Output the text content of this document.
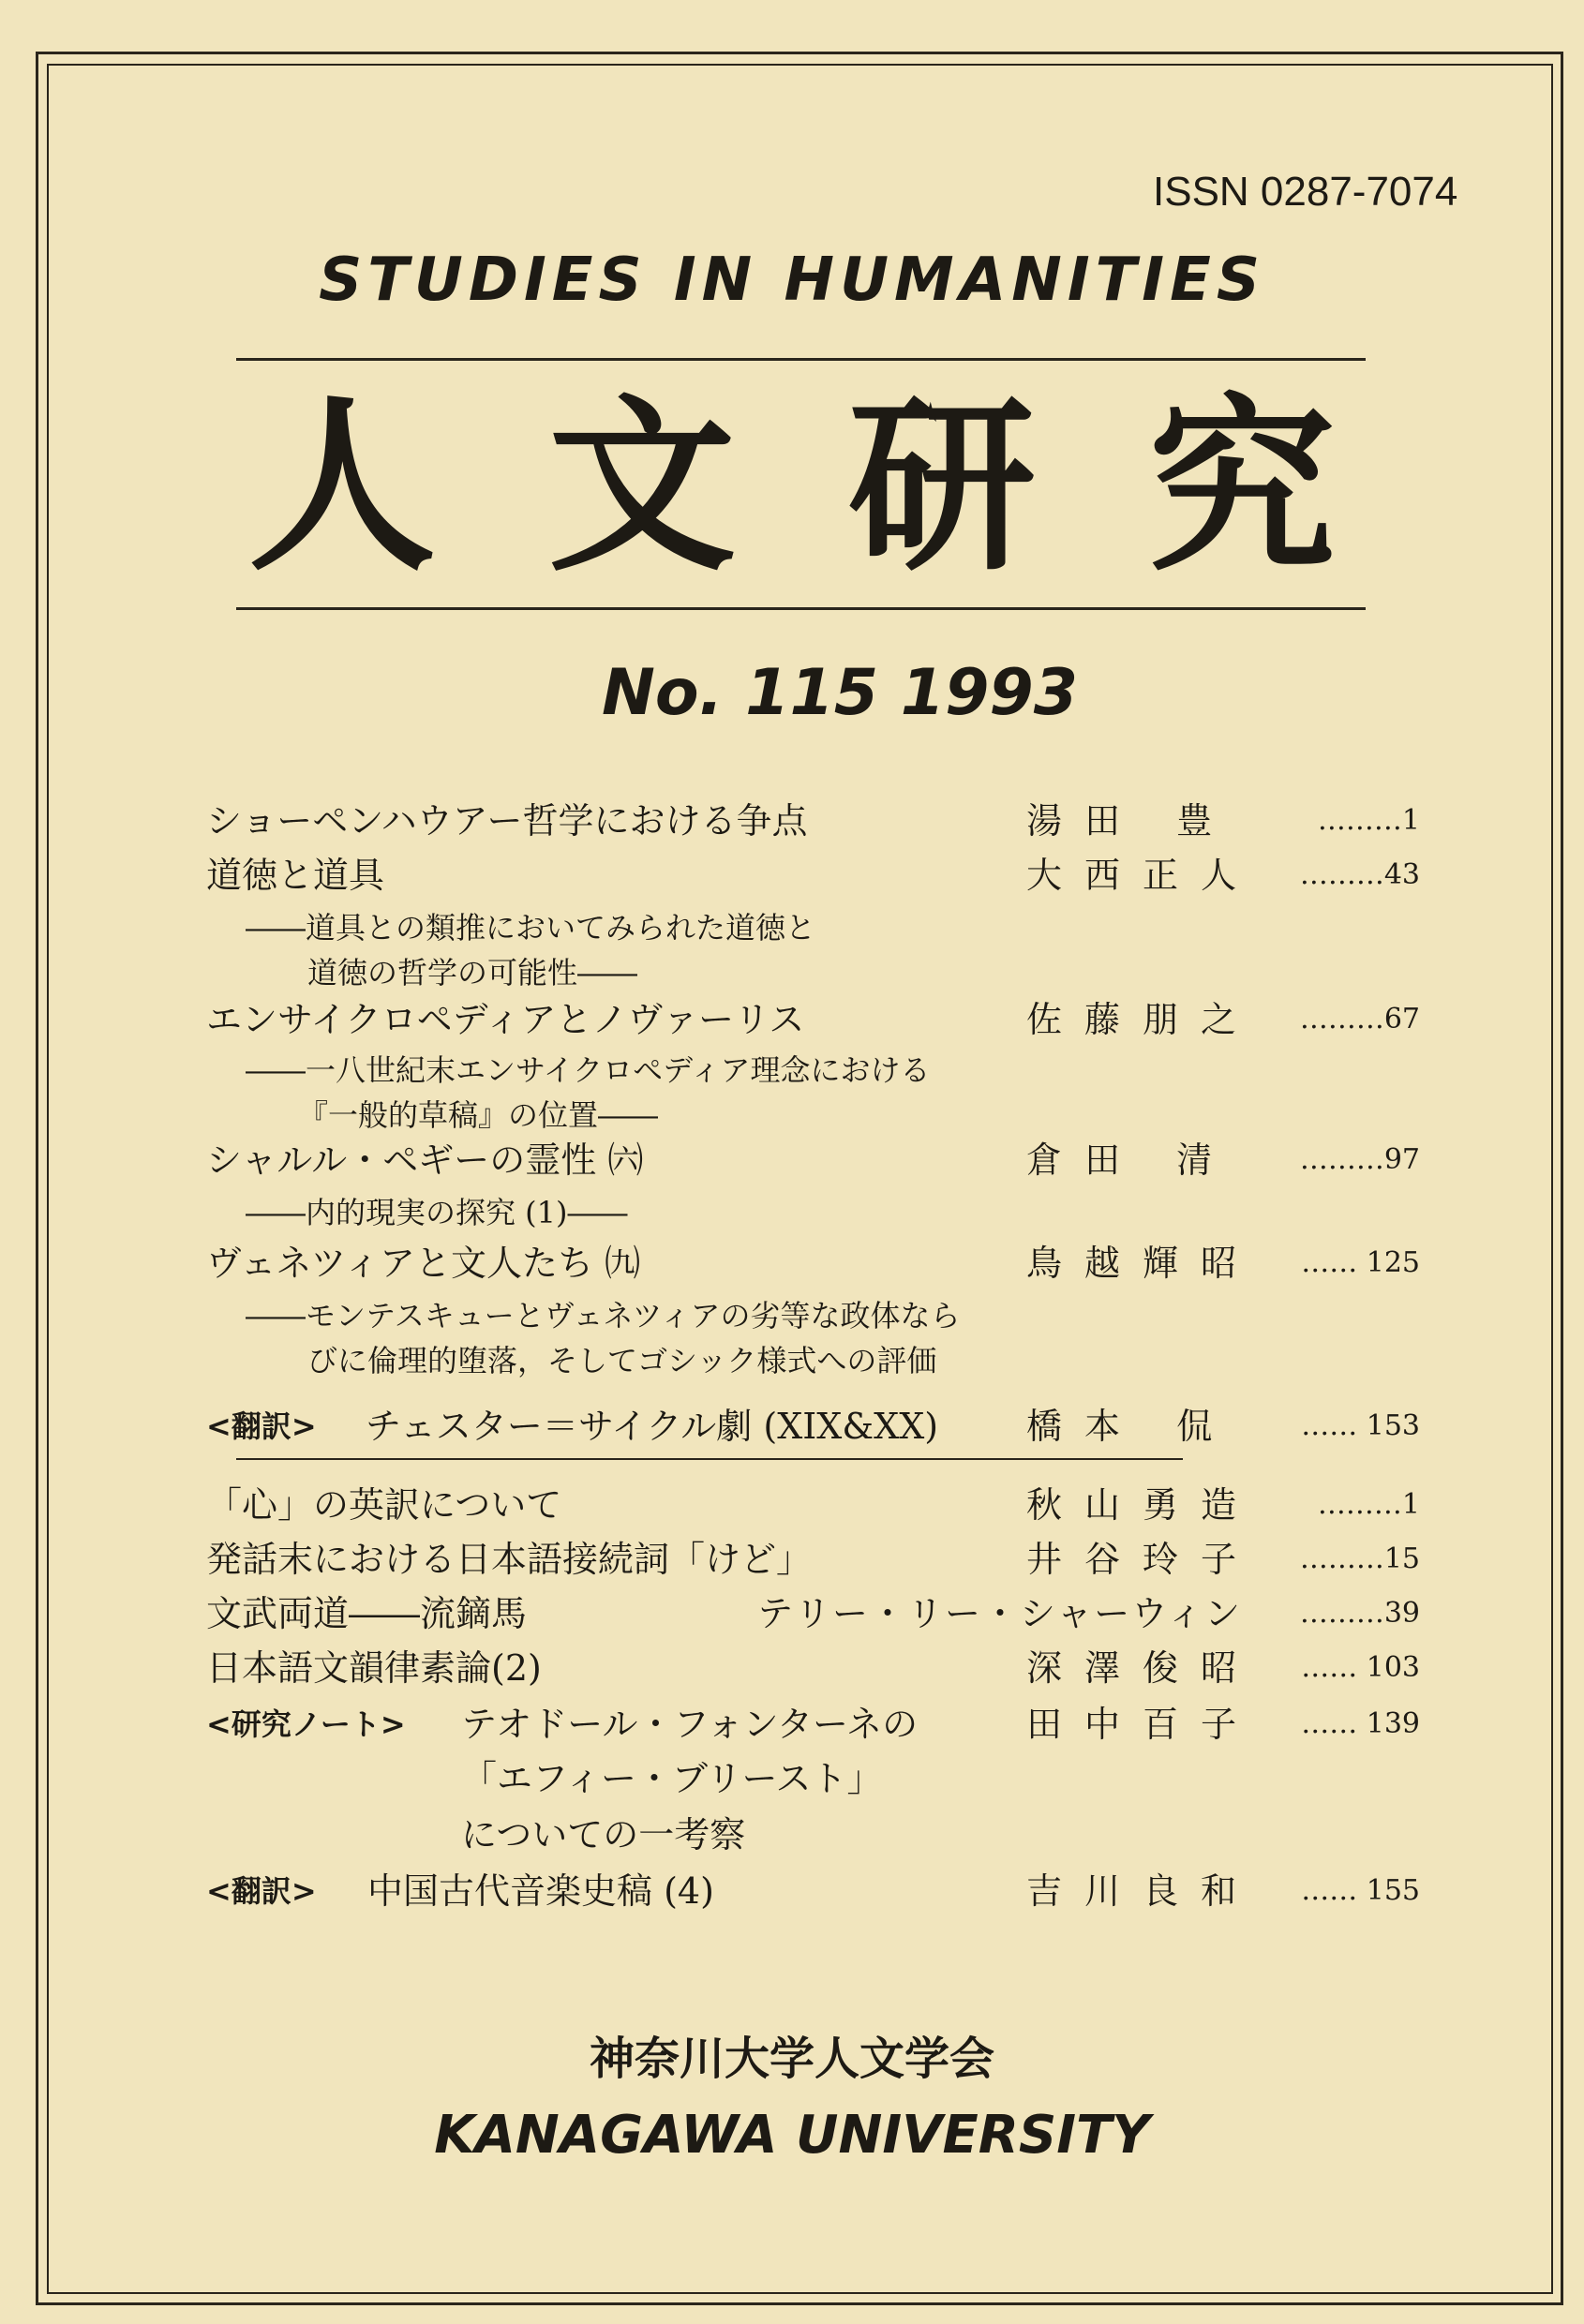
ISSN 0287-7074
STUDIES IN HUMANITIES
人文研究
No. 115 1993
ショーペンハウアー哲学における争点	湯田 豊	………1
道徳と道具	大西正人	………43
――道具との類推においてみられた道徳と
道徳の哲学の可能性――
エンサイクロペディアとノヴァーリス	佐藤朋之	………67
――一八世紀末エンサイクロペディア理念における
『一般的草稿』の位置――
シャルル・ペギーの霊性 ㈥	倉田 清	………97
――内的現実の探究 (1)――
ヴェネツィアと文人たち ㈨	鳥越輝昭	…… 125
――モンテスキューとヴェネツィアの劣等な政体なら
びに倫理的堕落，そしてゴシック様式への評価
<翻訳> チェスター＝サイクル劇 (XIX&XX) 橋本 侃	…… 153
「心」の英訳について	秋山勇造	………1
発話末における日本語接続詞「けど」	井谷玲子	………15
文武両道――流鏑馬	テリー・リー・シャーウィン	………39
日本語文韻律素論(2)	深澤俊昭	…… 103
<研究ノート> テオドール・フォンターネの	田中百子	…… 139
「エフィー・ブリースト」
についての一考察
<翻訳> 中国古代音楽史稿 (4)	吉川良和	…… 155
神奈川大学人文学会
KANAGAWA UNIVERSITY
